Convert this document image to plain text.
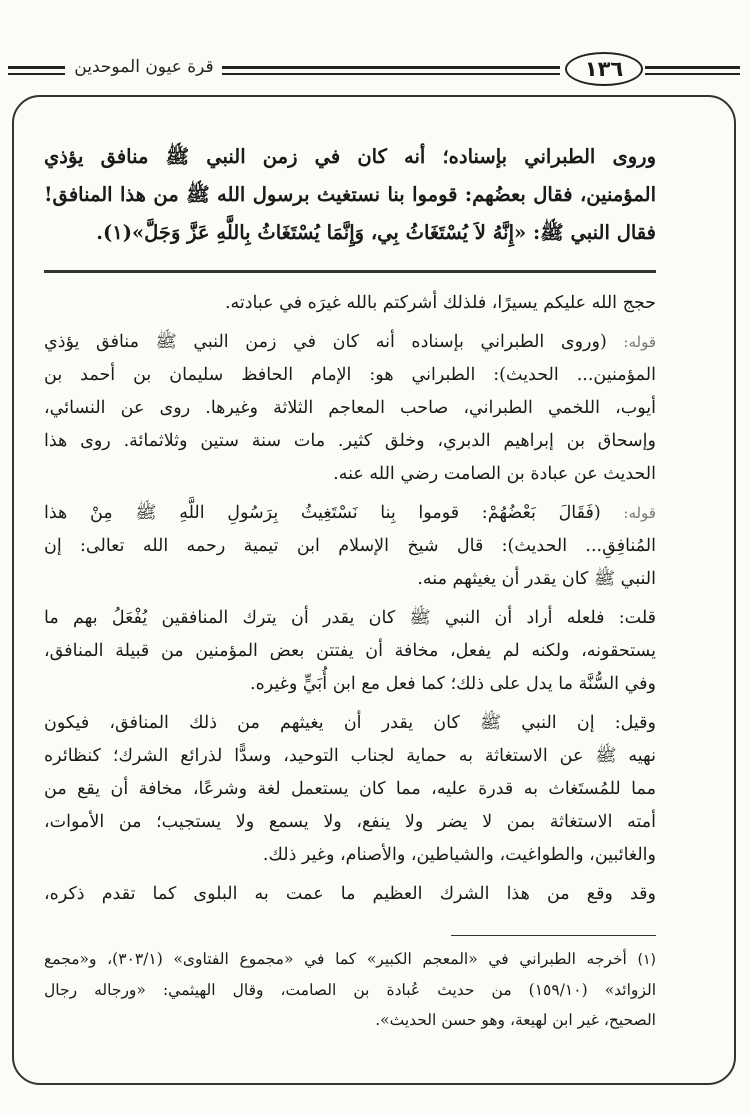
قرة عيون الموحدين	١٣٦
وروى الطبراني بإسناده؛ أنه كان في زمن النبي ﷺ منافق يؤذي
المؤمنين، فقال بعضُهم: قوموا بنا نستغيث برسول الله ﷺ من هذا المنافق!
فقال النبي ﷺ: «إِنَّهُ لاَ يُسْتَغَاثُ بِي، وَإِنَّمَا يُسْتَغَاثُ بِاللَّهِ عَزَّ وَجَلَّ»(١).
حجج الله عليكم يسيرًا، فلذلك أشركتم بالله غيرَه في عبادته.
قوله: (وروى الطبراني بإسناده أنه كان في زمن النبي ﷺ منافق يؤذي
المؤمنين... الحديث): الطبراني هو: الإمام الحافظ سليمان بن أحمد بن
أيوب، اللخمي الطبراني، صاحب المعاجم الثلاثة وغيرها. روى عن النسائي،
وإسحاق بن إبراهيم الدبري، وخلق كثير. مات سنة ستين وثلاثمائة. روى هذا
الحديث عن عبادة بن الصامت رضي الله عنه.
قوله: (فَقَالَ بَعْضُهُمْ: قوموا بِنا نَسْتَغِيثُ بِرَسُولِ اللَّهِ ﷺ مِنْ هذا
المُنافِقِ... الحديث): قال شيخ الإسلام ابن تيمية رحمه الله تعالى: إن
النبي ﷺ كان يقدر أن يغيثهم منه.
قلت: فلعله أراد أن النبي ﷺ كان يقدر أن يترك المنافقين يُفْعَلُ بهم ما
يستحقونه، ولكنه لم يفعل، مخافة أن يفتتن بعض المؤمنين من قبيلة المنافق،
وفي السُّنَّة ما يدل على ذلك؛ كما فعل مع ابن أُبَيٍّ وغيره.
وقيل: إن النبي ﷺ كان يقدر أن يغيثهم من ذلك المنافق، فيكون
نهيه ﷺ عن الاستغاثة به حماية لجناب التوحيد، وسدًّا لذرائع الشرك؛ كنظائره
مما للمُستَغاث به قدرة عليه، مما كان يستعمل لغة وشرعًا، مخافة أن يقع من
أمته الاستغاثة بمن لا يضر ولا ينفع، ولا يسمع ولا يستجيب؛ من الأموات،
والغائبين، والطواغيت، والشياطين، والأصنام، وغير ذلك.
وقد وقع من هذا الشرك العظيم ما عمت به البلوى كما تقدم ذكره،
(١) أخرجه الطبراني في «المعجم الكبير» كما في «مجموع الفتاوى» (٣٠٣/١)، و«مجمع
الزوائد» (١٥٩/١٠) من حديث عُبادة بن الصامت، وقال الهيثمي: «ورجاله رجال
الصحيح، غير ابن لهيعة، وهو حسن الحديث».
